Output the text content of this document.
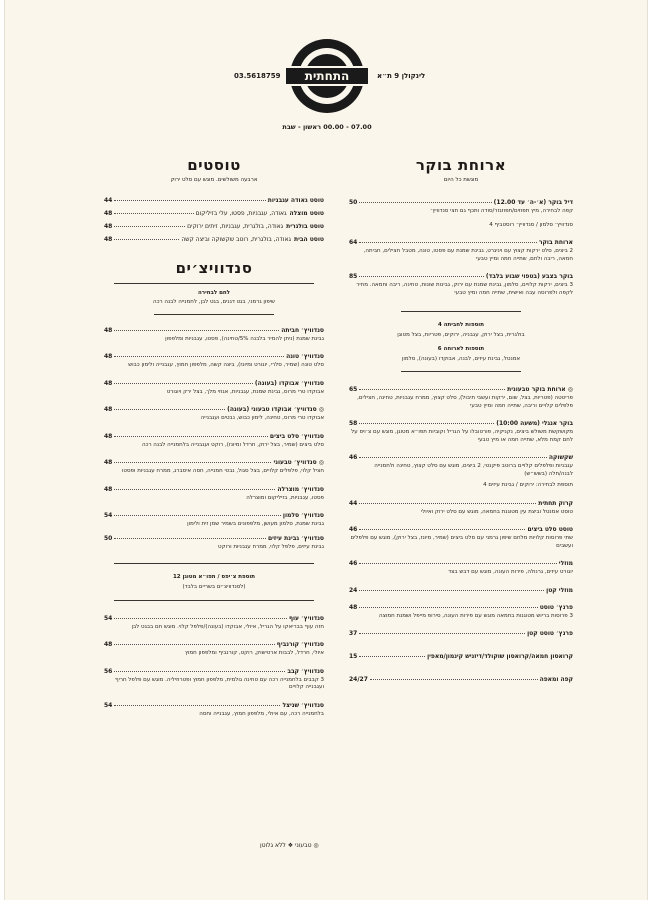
התחתית	לינקולן 9 ת״א
03.5618759
07.00 - 00.00 ראשון - שבת
ארוחת בוקר
מוגשת כל היום
דיל בוקר (א׳-ה׳ עד 12.00)
50
קפה לבחירה, מיץ תפוזים/תפוזגזר/סודה ותכף גם חצי סנדוויץ׳
סנדוויץ׳ סלמון / סנדוויץ׳ רוסטביף 4
ארוחת בוקר
64
2 ביצים, סלט ירקות קצוץ עם ויניגרט, גבינת שמנת עם פסטו, טונה, מטבל חצילים, חביתה, חמאה, ריבה ולחם, שתייה חמה ומיץ טבעי
בוקר בצבע (בטפוי שבוע בלבד)
85
3 ביצים, ירקות קלויים, סלמון, גבינת שמנת עם ירוק, גבינות שונות, טחינה, ריבה וחמאה. מחיר לקפה ולפרוסה עבה ואישית, שתייה חמה ומיץ טבעי
תוספות לחביתה 4
בולגרית, בצל ירוק, עגבניה, ירוקים, פטריות, בצל מטוגן
תוספות לארוחה 6
אמנטל, גבינת עיזים, לבנה, אבוקדו (בעונה), סלמון
◎ ארוחת בוקר טבעונית
65
פריטטה (פטריות, בצל, שום, ירקות ועשבי תיבול), סלט קצוץ, ממרח עגבניות, טחינה, חצילים, פלפלים קלויים וריבה, שתייה חמה ומיץ טבעי
בוקר אנגלי (משעה 10:00)
58
מקושקשת משולש ביצים, נקניקיה, פורטובלו על הגריל וקוביות תפו״א מטוגן, מוגש עם צ׳ויס על לחם קמח מלא, שתייה חמה או מיץ טבעי
שקשוקה
46
עגבניות ופלפלים קלויים ברוטב פיקנטי, 2 ביצים, מוגש עם סלט קצוץ, טחינה ולחמנייה לבנה/חלה (בשש״ש)
תוספת לבחירה: ירוקים / גבינת עיזים 4
קרוק תחתית
44
טוסט אמנטל וביצת עין מטוגנת בחמאה, מוגש עם סלט ירוק ואיולי
טוסט סלט ביצים
46
שתי פרוסות קלויות מלחם שיפון גרמני עם סלט ביצים (שמיר, מיונז, בצל ירוק), מוגש עם פלפלים ועשבים
מוזלי
46
יוגורט עיזים, גרנולה, פירות העונה, מוגש עם דבש בצד
מוזלי קטן
24
פרנץ׳ טוסט
48
3 פרוסות בריוש מטוגנות בחמאה מוגש עם פירות העונה, סירופ מייפל ושמנת חמוצה
פרנץ׳ טוסט קטן
37
קרואסון חמאה/קרואסון שוקולד/דיזניש קינמון/מאפין
15
קפה ומאפה
24/27
טוסטים
ארבעה משולשים. מוגש עם סלט ירוק
טוסט גאודה עגבניות
44
טוסט מוצלה
גאודה, עגבניות, פסטו, עלי בזיליקום
48
טוסט בולגרית
גאודה, בולגרית, עגבניות, זיתים ירוקים
48
טוסט הבית
גאודה, בולגרית, רוטב שקשוקה וביצה קשה
48
סנדוויצ׳ים
לחם לבחירה
שיפון גרמני, בגט דגנים, בגט לבן, לחמנייה לבנה רכה
סנדוויץ׳ חביתה
48
גבינת שמנת (ניתן להמיר בלבנה 5%/טחינה), פסטו, עגבניות ומלפפון
סנדוויץ׳ טונה
48
סלט טונה (שמיר, סלרי, יוגורט ומיונז), ביצה קשה, מלפפון חמוץ, עגבנייה ולימון כבוש
סנדוויץ׳ אבוקדו (בעונה)
48
אבוקדו טרי מרוס, גבינת שמנת, עגבניות, אגוזי מלך, בצל ירק ויוגורט
◎ סנדוויץ׳ אבוקדו טבעוני (בעונה)
48
אבוקדו טרי מרוס, טחינה, לימון כבוש, נבטים ועגבנייה
סנדוויץ׳ סלט ביצים
48
סלט ביצים (שמיר, בצל ירוק, חרדל ומיונז), רוקט ועגבנייה בלחמנייה לבנה רכה
◎ סנדוויץ׳ טבעוני
48
חציל קלוי, פלפלים קלויים, בצל סגול, נבטי חמנייה, חסה איסברג, ממרח עגבניות ופסטו
סנדוויץ׳ מוצרלה
48
פסטו, עגבניות, בזיליקום ומוצרלה
סנדוויץ׳ סלמון
54
גבינת שמנת, סלמון מעושן, מלפפונים בשמיר שמן זית ולימון
סנדוויץ׳ גבינת עיזים
50
גבינת עיזים, פלפל קלוי, ממרח עגבניות ורוקט
תוספת צ׳יפס / תפו״א מטוגן 12
(לסנדוויצ׳ים בשריים בלבד)
סנדוויץ׳ עוף
54
חזה עוף בבריאקו על הגריל, איולי, אבוקדו (בעונה)/פלפל קלוי. מוגש חם בבגט לבן
סנדוויץ׳ קורנביף
48
איולי, חרדל, לבבות ארטישוק, רוקט, קורנביף ומלפפון חמוץ
סנדוויץ׳ קבב
56
3 קבבים בלחמנייה רכה עם טחינה גולמית, מלפפון חמוץ ופטרוזיליה. מוגש עם פלפל חריף ועגבנייה קלויים
סנדוויץ׳ שניצל
54
בלחמנייה רכה, עם איולי, מלפפון חמוץ, עגבנייה וחסה
◎ טבעוני ❖ ללא גלוטן
